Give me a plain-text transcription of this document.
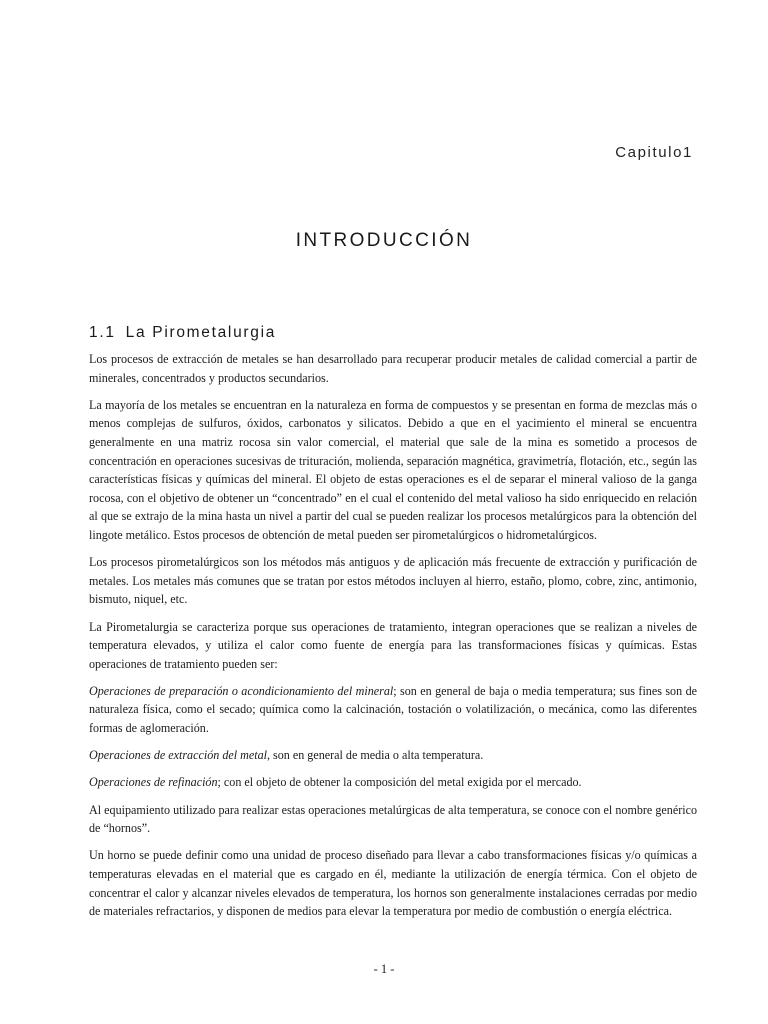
Capitulo1
INTRODUCCIÓN
1.1 La Pirometalurgia

Los procesos de extracción de metales se han desarrollado para recuperar producir metales de calidad comercial a partir de minerales, concentrados y productos secundarios.

La mayoría de los metales se encuentran en la naturaleza en forma de compuestos y se presentan en forma de mezclas más o menos complejas de sulfuros, óxidos, carbonatos y silicatos. Debido a que en el yacimiento el mineral se encuentra generalmente en una matriz rocosa sin valor comercial, el material que sale de la mina es sometido a procesos de concentración en operaciones sucesivas de trituración, molienda, separación magnética, gravimetría, flotación, etc., según las características físicas y químicas del mineral. El objeto de estas operaciones es el de separar el mineral valioso de la ganga rocosa, con el objetivo de obtener un “concentrado” en el cual el contenido del metal valioso ha sido enriquecido en relación al que se extrajo de la mina hasta un nivel a partir del cual se pueden realizar los procesos metalúrgicos para la obtención del lingote metálico. Estos procesos de obtención de metal pueden ser pirometalúrgicos o hidrometalúrgicos.

Los procesos pirometalúrgicos son los métodos más antiguos y de aplicación más frecuente de extracción y purificación de metales. Los metales más comunes que se tratan por estos métodos incluyen al hierro, estaño, plomo, cobre, zinc, antimonio, bismuto, niquel, etc.

La Pirometalurgia se caracteriza porque sus operaciones de tratamiento, integran operaciones que se realizan a niveles de temperatura elevados, y utiliza el calor como fuente de energía para las transformaciones físicas y químicas. Estas operaciones de tratamiento pueden ser:

Operaciones de preparación o acondicionamiento del mineral; son en general de baja o media temperatura; sus fines son de naturaleza física, como el secado; química como la calcinación, tostación o volatilización, o mecánica, como las diferentes formas de aglomeración.

Operaciones de extracción del metal, son en general de media o alta temperatura.

Operaciones de refinación; con el objeto de obtener la composición del metal exigida por el mercado.

Al equipamiento utilizado para realizar estas operaciones metalúrgicas de alta temperatura, se conoce con el nombre genérico de “hornos”.

Un horno se puede definir como una unidad de proceso diseñado para llevar a cabo transformaciones físicas y/o químicas a temperaturas elevadas en el material que es cargado en él, mediante la utilización de energía térmica. Con el objeto de concentrar el calor y alcanzar niveles elevados de temperatura, los hornos son generalmente instalaciones cerradas por medio de materiales refractarios, y disponen de medios para elevar la temperatura por medio de combustión o energía eléctrica.

- 1 -
